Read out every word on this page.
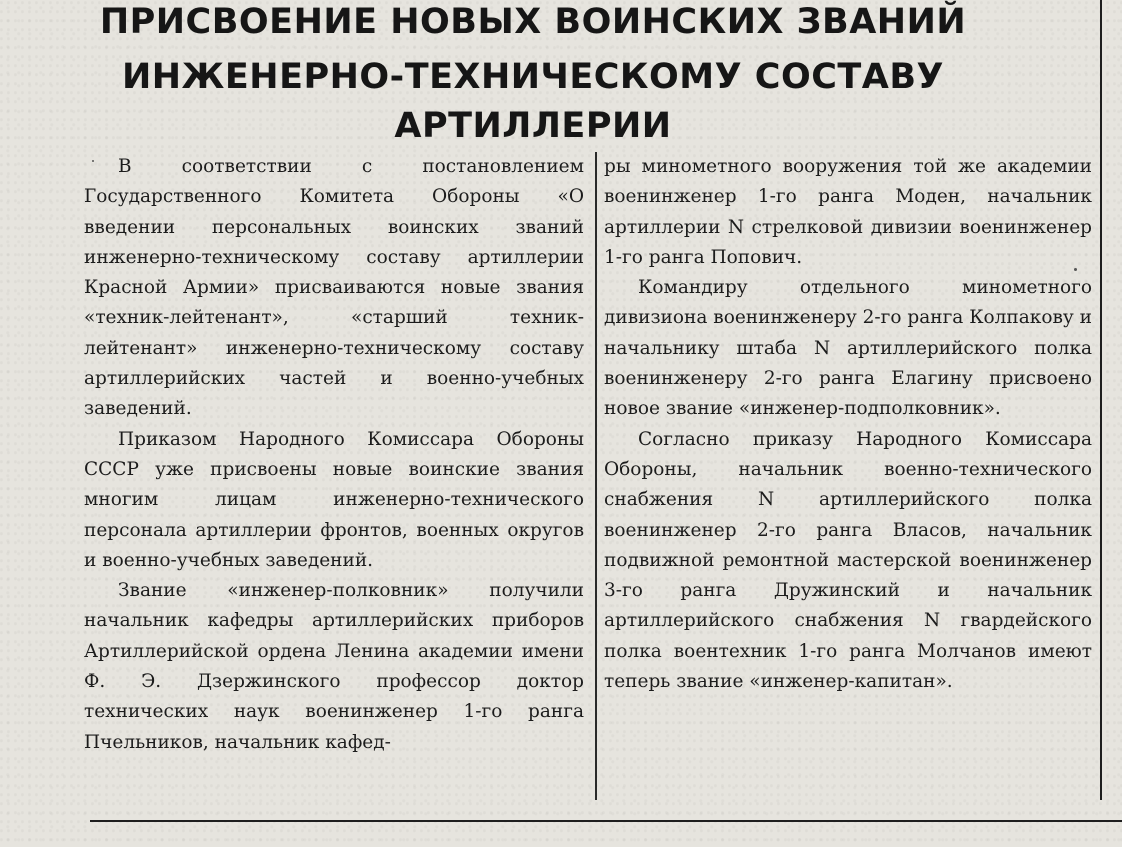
ПРИСВОЕНИЕ НОВЫХ ВОИНСКИХ ЗВАНИЙ
ИНЖЕНЕРНО-ТЕХНИЧЕСКОМУ СОСТАВУ
АРТИЛЛЕРИИ

В соответствии с постановлением Государственного Комитета Обороны «О введении персональных воинских званий инженерно-техническому составу артиллерии Красной Армии» присваиваются новые звания «техник-лейтенант», «старший техник-лейтенант» инженерно-техническому составу артиллерийских частей и военно-учебных заведений.

Приказом Народного Комиссара Обороны СССР уже присвоены новые воинские звания многим лицам инженерно-технического персонала артиллерии фронтов, военных округов и военно-учебных заведений.

Звание «инженер-полковник» получили начальник кафедры артиллерийских приборов Артиллерийской ордена Ленина академии имени Ф. Э. Дзержинского профессор доктор технических наук военинженер 1-го ранга Пчельников, начальник кафед-

ры минометного вооружения той же академии военинженер 1-го ранга Моден, начальник артиллерии N стрелковой дивизии военинженер 1-го ранга Попович.

Командиру отдельного минометного дивизиона военинженеру 2-го ранга Колпакову и начальнику штаба N артиллерийского полка военинженеру 2-го ранга Елагину присвоено новое звание «инженер-подполковник».

Согласно приказу Народного Комиссара Обороны, начальник военно-технического снабжения N артиллерийского полка военинженер 2-го ранга Власов, начальник подвижной ремонтной мастерской военинженер 3-го ранга Дружинский и начальник артиллерийского снабжения N гвардейского полка воентехник 1-го ранга Молчанов имеют теперь звание «инженер-капитан».
